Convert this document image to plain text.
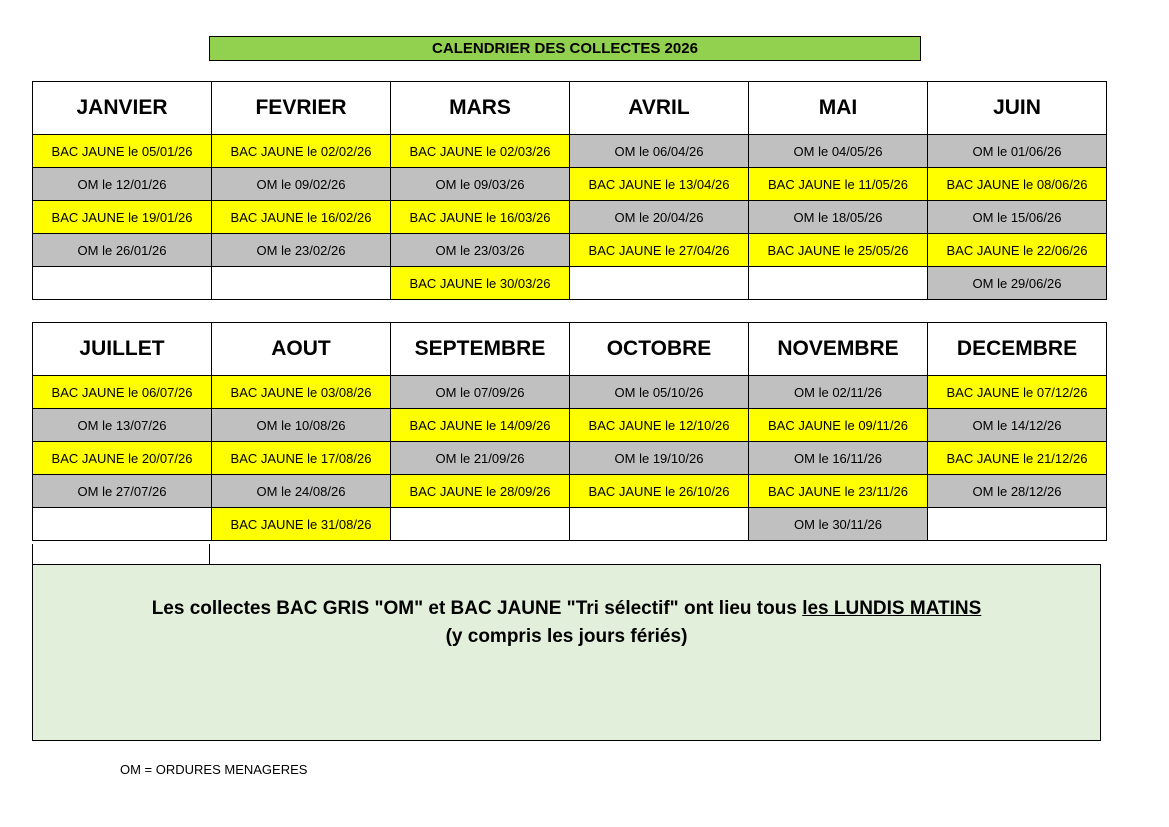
CALENDRIER DES COLLECTES 2026
JANVIER	FEVRIER	MARS	AVRIL	MAI	JUIN
BAC JAUNE le 05/01/26	BAC JAUNE le 02/02/26	BAC JAUNE le 02/03/26	OM le 06/04/26	OM le 04/05/26	OM le 01/06/26
OM le 12/01/26	OM le 09/02/26	OM le 09/03/26	BAC JAUNE le 13/04/26	BAC JAUNE le 11/05/26	BAC JAUNE le 08/06/26
BAC JAUNE le 19/01/26	BAC JAUNE le 16/02/26	BAC JAUNE le 16/03/26	OM le 20/04/26	OM le 18/05/26	OM le 15/06/26
OM le 26/01/26	OM le 23/02/26	OM le 23/03/26	BAC JAUNE le 27/04/26	BAC JAUNE le 25/05/26	BAC JAUNE le 22/06/26
		BAC JAUNE le 30/03/26			OM le 29/06/26
JUILLET	AOUT	SEPTEMBRE	OCTOBRE	NOVEMBRE	DECEMBRE
BAC JAUNE le 06/07/26	BAC JAUNE le 03/08/26	OM le 07/09/26	OM le 05/10/26	OM le 02/11/26	BAC JAUNE le 07/12/26
OM le 13/07/26	OM le 10/08/26	BAC JAUNE le 14/09/26	BAC JAUNE le 12/10/26	BAC JAUNE le 09/11/26	OM le 14/12/26
BAC JAUNE le 20/07/26	BAC JAUNE le 17/08/26	OM le 21/09/26	OM le 19/10/26	OM le 16/11/26	BAC JAUNE le 21/12/26
OM le 27/07/26	OM le 24/08/26	BAC JAUNE le 28/09/26	BAC JAUNE le 26/10/26	BAC JAUNE le 23/11/26	OM le 28/12/26
	BAC JAUNE le 31/08/26			OM le 30/11/26	
Les collectes BAC GRIS "OM" et BAC JAUNE "Tri sélectif" ont lieu tous les LUNDIS MATINS
(y compris les jours fériés)
OM = ORDURES MENAGERES
